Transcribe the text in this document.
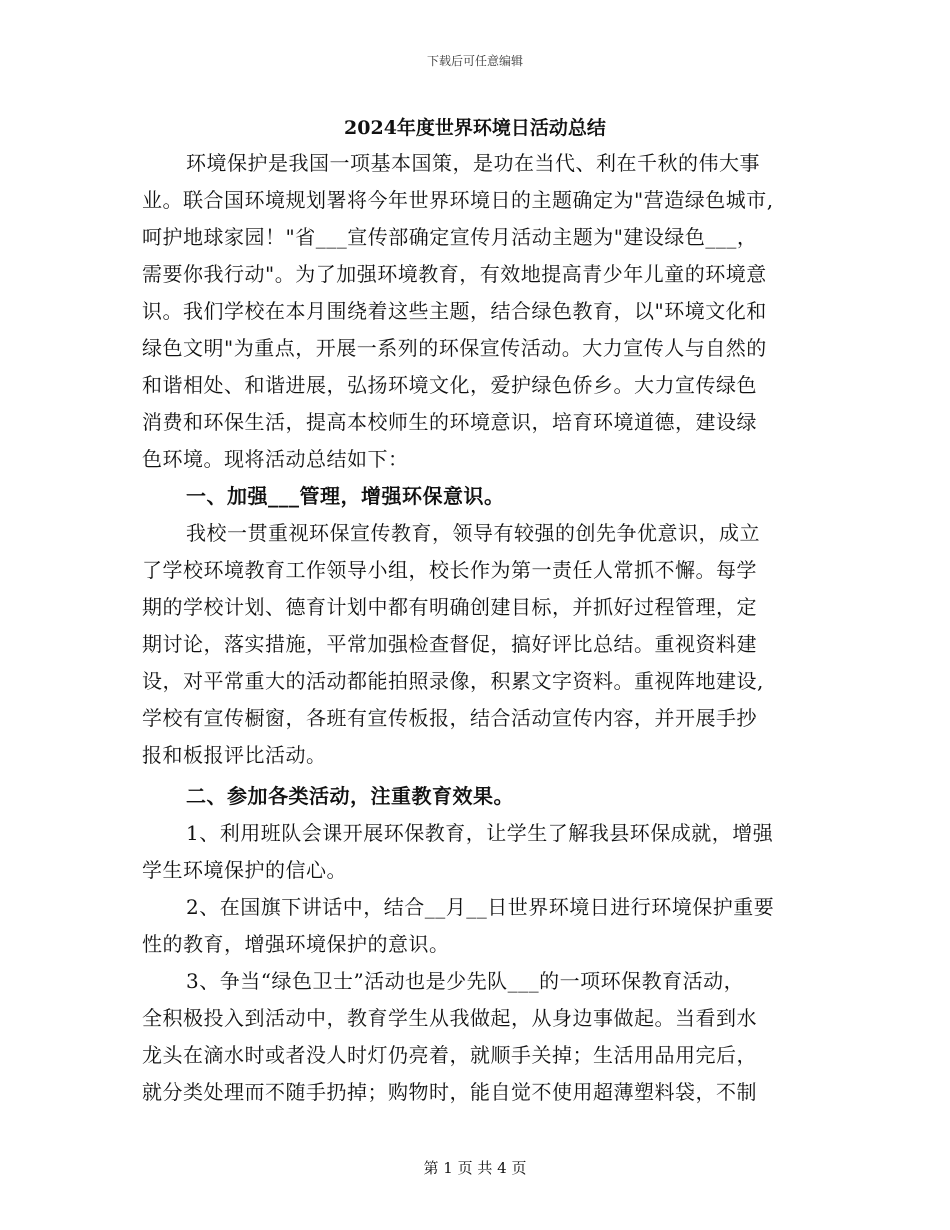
下载后可任意编辑
2024年度世界环境日活动总结
环境保护是我国一项基本国策，是功在当代、利在千秋的伟大事
业。联合国环境规划署将今年世界环境日的主题确定为"营造绿色城市,
呵护地球家园！"省___宣传部确定宣传月活动主题为"建设绿色___，
需要你我行动"。为了加强环境教育，有效地提高青少年儿童的环境意
识。我们学校在本月围绕着这些主题，结合绿色教育，以"环境文化和
绿色文明"为重点，开展一系列的环保宣传活动。大力宣传人与自然的
和谐相处、和谐进展，弘扬环境文化，爱护绿色侨乡。大力宣传绿色
消费和环保生活，提高本校师生的环境意识，培育环境道德，建设绿
色环境。现将活动总结如下：
一、加强___管理，增强环保意识。
我校一贯重视环保宣传教育，领导有较强的创先争优意识，成立
了学校环境教育工作领导小组，校长作为第一责任人常抓不懈。每学
期的学校计划、德育计划中都有明确创建目标，并抓好过程管理，定
期讨论，落实措施，平常加强检查督促，搞好评比总结。重视资料建
设，对平常重大的活动都能拍照录像，积累文字资料。重视阵地建设,
学校有宣传橱窗，各班有宣传板报，结合活动宣传内容，并开展手抄
报和板报评比活动。
二、参加各类活动，注重教育效果。
1、利用班队会课开展环保教育，让学生了解我县环保成就，增强
学生环境保护的信心。
2、在国旗下讲话中，结合__月__日世界环境日进行环境保护重要
性的教育，增强环境保护的意识。
3、争当“绿色卫士”活动也是少先队___的一项环保教育活动，
全积极投入到活动中，教育学生从我做起，从身边事做起。当看到水
龙头在滴水时或者没人时灯仍亮着，就顺手关掉；生活用品用完后，
就分类处理而不随手扔掉；购物时，能自觉不使用超薄塑料袋，不制
第 1 页 共 4 页
